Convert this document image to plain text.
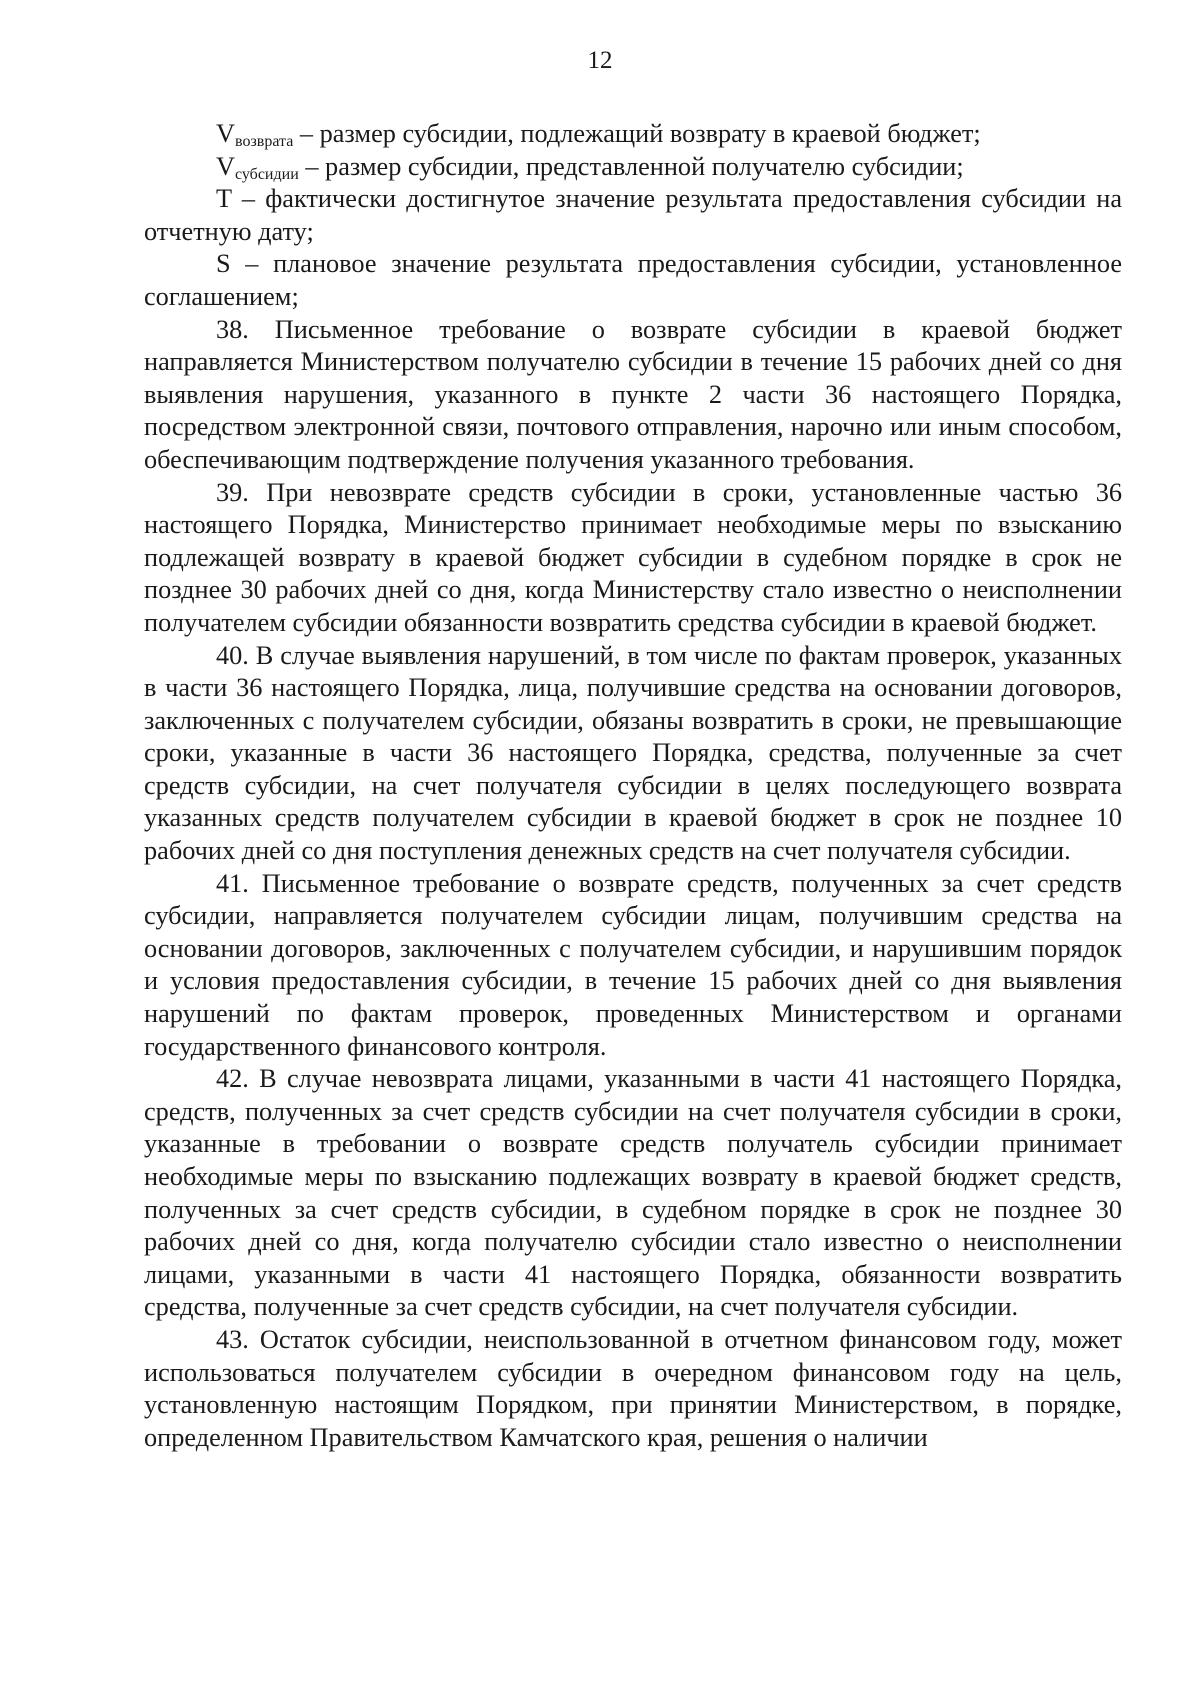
12

$V_{возврата}$ – размер субсидии, подлежащий возврату в краевой бюджет;

$V_{субсидии}$ – размер субсидии, представленной получателю субсидии;

T – фактически достигнутое значение результата предоставления субсидии на отчетную дату;

S – плановое значение результата предоставления субсидии, установленное соглашением;

38. Письменное требование о возврате субсидии в краевой бюджет направляется Министерством получателю субсидии в течение 15 рабочих дней со дня выявления нарушения, указанного в пункте 2 части 36 настоящего Порядка, посредством электронной связи, почтового отправления, нарочно или иным способом, обеспечивающим подтверждение получения указанного требования.

39. При невозврате средств субсидии в сроки, установленные частью 36 настоящего Порядка, Министерство принимает необходимые меры по взысканию подлежащей возврату в краевой бюджет субсидии в судебном порядке в срок не позднее 30 рабочих дней со дня, когда Министерству стало известно о неисполнении получателем субсидии обязанности возвратить средства субсидии в краевой бюджет.

40. В случае выявления нарушений, в том числе по фактам проверок, указанных в части 36 настоящего Порядка, лица, получившие средства на основании договоров, заключенных с получателем субсидии, обязаны возвратить в сроки, не превышающие сроки, указанные в части 36 настоящего Порядка, средства, полученные за счет средств субсидии, на счет получателя субсидии в целях последующего возврата указанных средств получателем субсидии в краевой бюджет в срок не позднее 10 рабочих дней со дня поступления денежных средств на счет получателя субсидии.

41. Письменное требование о возврате средств, полученных за счет средств субсидии, направляется получателем субсидии лицам, получившим средства на основании договоров, заключенных с получателем субсидии, и нарушившим порядок и условия предоставления субсидии, в течение 15 рабочих дней со дня выявления нарушений по фактам проверок, проведенных Министерством и органами государственного финансового контроля.

42. В случае невозврата лицами, указанными в части 41 настоящего Порядка, средств, полученных за счет средств субсидии на счет получателя субсидии в сроки, указанные в требовании о возврате средств получатель субсидии принимает необходимые меры по взысканию подлежащих возврату в краевой бюджет средств, полученных за счет средств субсидии, в судебном порядке в срок не позднее 30 рабочих дней со дня, когда получателю субсидии стало известно о неисполнении лицами, указанными в части 41 настоящего Порядка, обязанности возвратить средства, полученные за счет средств субсидии, на счет получателя субсидии.

43. Остаток субсидии, неиспользованной в отчетном финансовом году, может использоваться получателем субсидии в очередном финансовом году на цель, установленную настоящим Порядком, при принятии Министерством, в порядке, определенном Правительством Камчатского края, решения о наличии
